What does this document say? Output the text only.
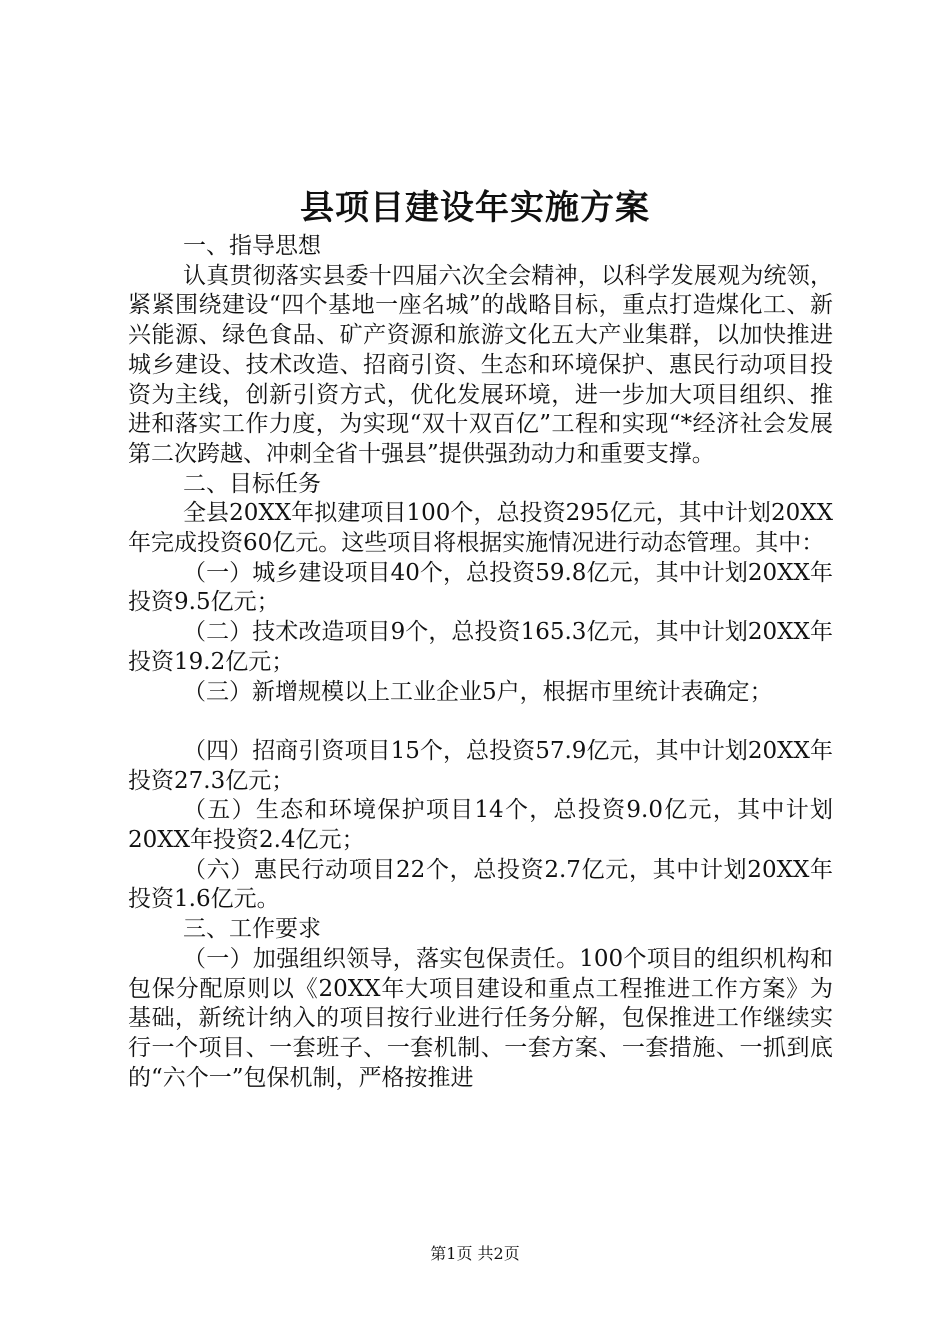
县项目建设年实施方案

一、指导思想

认真贯彻落实县委十四届六次全会精神，以科学发展观为统领，紧紧围绕建设“四个基地一座名城”的战略目标，重点打造煤化工、新兴能源、绿色食品、矿产资源和旅游文化五大产业集群，以加快推进城乡建设、技术改造、招商引资、生态和环境保护、惠民行动项目投资为主线，创新引资方式，优化发展环境，进一步加大项目组织、推进和落实工作力度，为实现“双十双百亿”工程和实现“*经济社会发展第二次跨越、冲刺全省十强县”提供强劲动力和重要支撑。

二、目标任务

全县20XX年拟建项目100个，总投资295亿元，其中计划20XX年完成投资60亿元。这些项目将根据实施情况进行动态管理。其中：

（一）城乡建设项目40个，总投资59.8亿元，其中计划20XX年投资9.5亿元；

（二）技术改造项目9个，总投资165.3亿元，其中计划20XX年投资19.2亿元；

（三）新增规模以上工业企业5户，根据市里统计表确定；

（四）招商引资项目15个，总投资57.9亿元，其中计划20XX年投资27.3亿元；

（五）生态和环境保护项目14个，总投资9.0亿元，其中计划20XX年投资2.4亿元；

（六）惠民行动项目22个，总投资2.7亿元，其中计划20XX年投资1.6亿元。

三、工作要求

（一）加强组织领导，落实包保责任。100个项目的组织机构和包保分配原则以《20XX年大项目建设和重点工程推进工作方案》为基础，新统计纳入的项目按行业进行任务分解，包保推进工作继续实行一个项目、一套班子、一套机制、一套方案、一套措施、一抓到底的“六个一”包保机制，严格按推进

第1页 共2页
